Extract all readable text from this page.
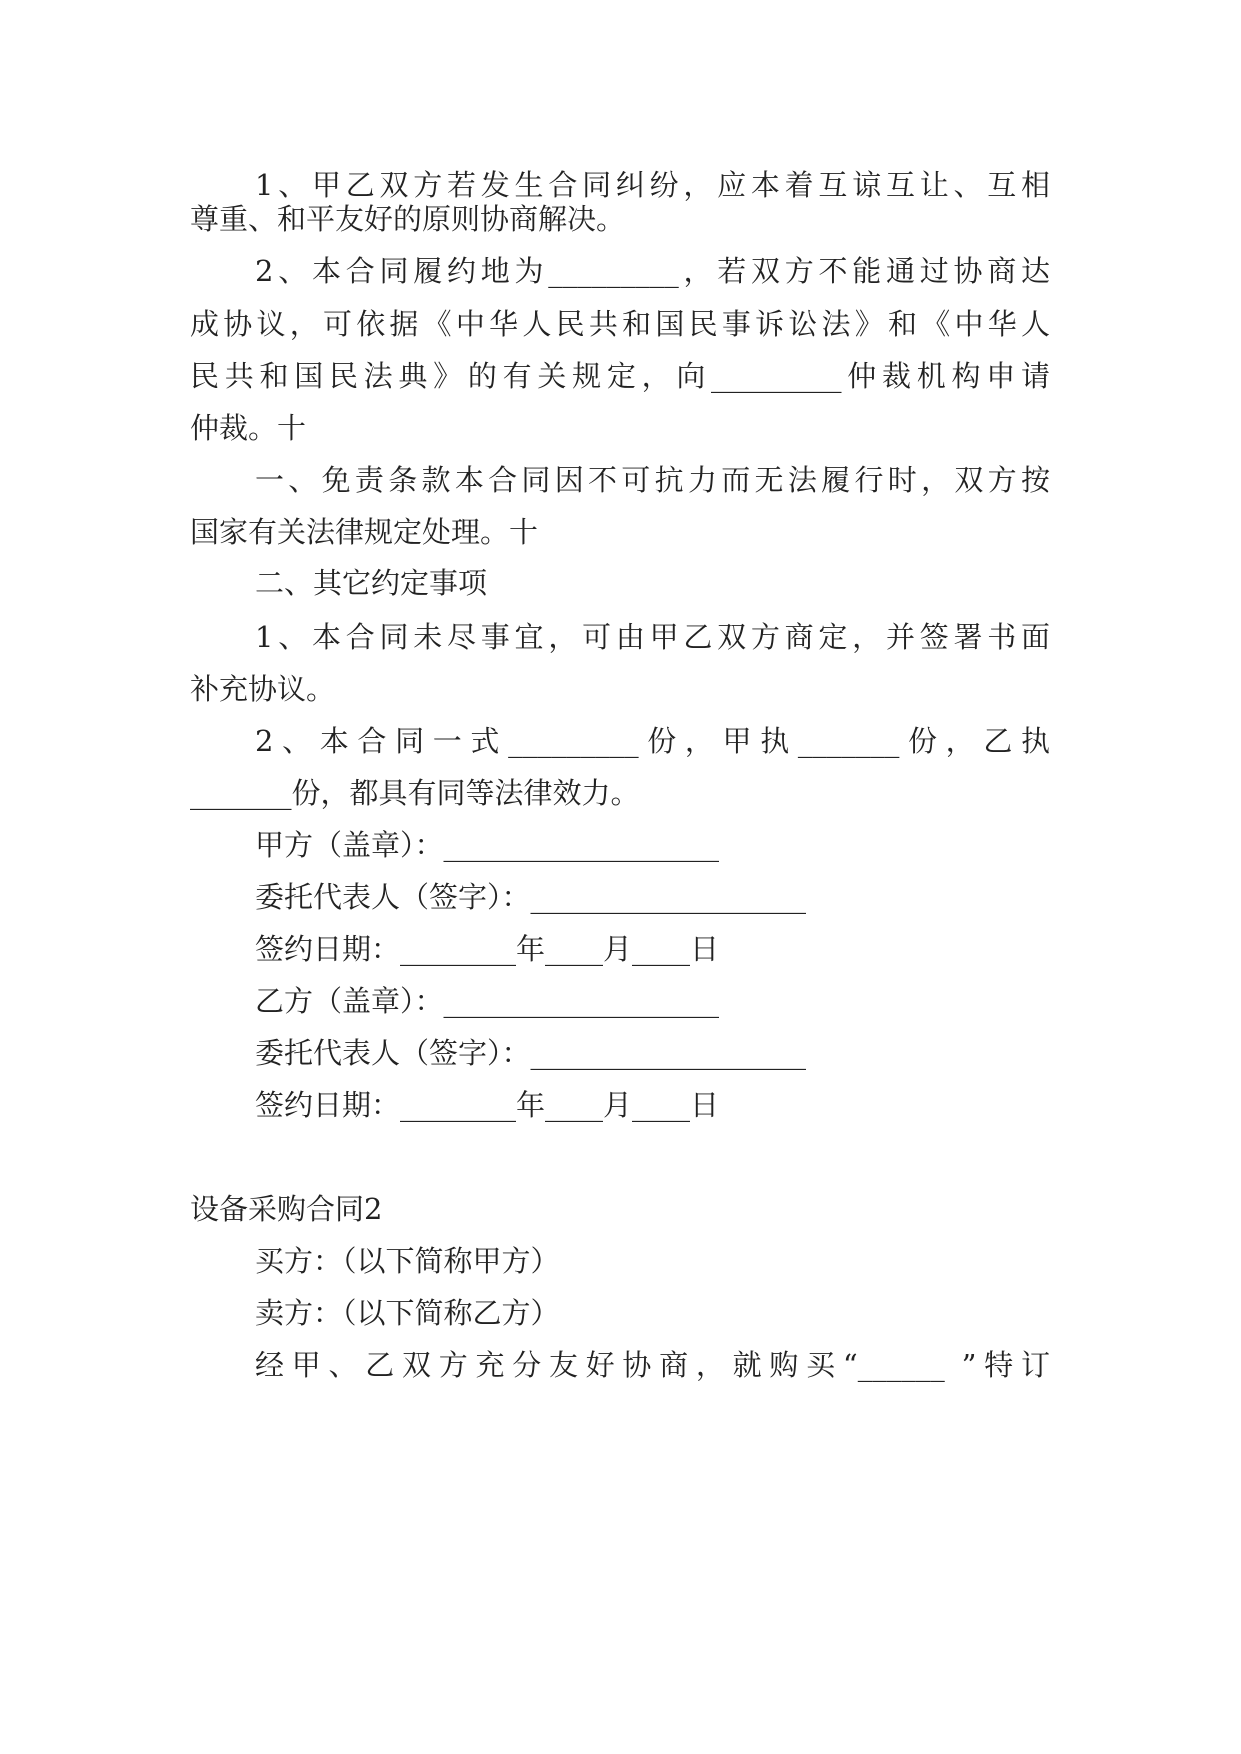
1、甲乙双方若发生合同纠纷，应本着互谅互让、互相

尊重、和平友好的原则协商解决。

2、本合同履约地为_________，若双方不能通过协商达

成协议，可依据《中华人民共和国民事诉讼法》和《中华人

民共和国民法典》的有关规定，向_________仲裁机构申请

仲裁。十

一、免责条款本合同因不可抗力而无法履行时，双方按

国家有关法律规定处理。十

二、其它约定事项

1、本合同未尽事宜，可由甲乙双方商定，并签署书面

补充协议。

2、本合同一式_________份，甲执_______份，乙执

_______份，都具有同等法律效力。

甲方（盖章）：___________________

委托代表人（签字）：___________________

签约日期：________年____月____日

乙方（盖章）：___________________

委托代表人（签字）：___________________

签约日期：________年____月____日

设备采购合同2

买方：（以下简称甲方）

卖方：（以下简称乙方）

经甲、乙双方充分友好协商，就购买“______ ”特订
